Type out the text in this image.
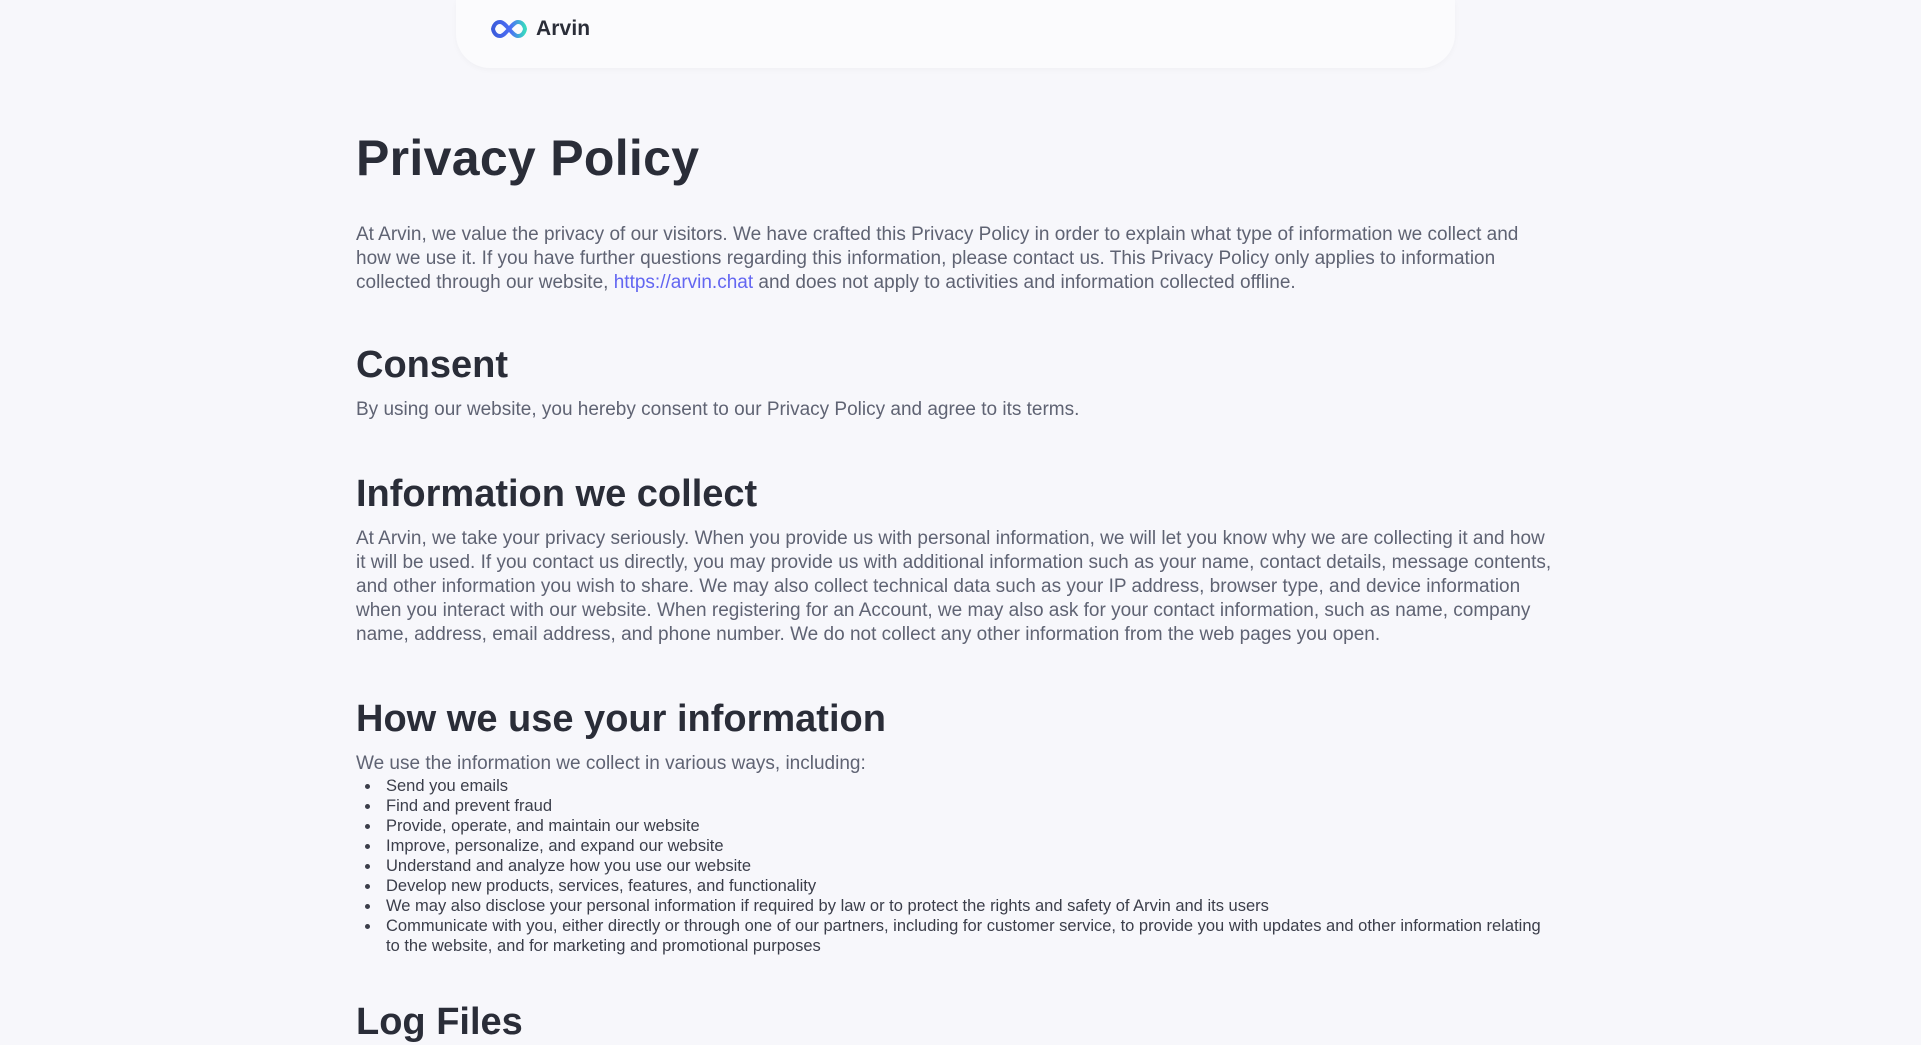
Arvin
Privacy Policy

At Arvin, we value the privacy of our visitors. We have crafted this Privacy Policy in order to explain what type of information we collect and how we use it. If you have further questions regarding this information, please contact us. This Privacy Policy only applies to information collected through our website, https://arvin.chat and does not apply to activities and information collected offline.

Consent

By using our website, you hereby consent to our Privacy Policy and agree to its terms.

Information we collect

At Arvin, we take your privacy seriously. When you provide us with personal information, we will let you know why we are collecting it and how it will be used. If you contact us directly, you may provide us with additional information such as your name, contact details, message contents, and other information you wish to share. We may also collect technical data such as your IP address, browser type, and device information when you interact with our website. When registering for an Account, we may also ask for your contact information, such as name, company name, address, email address, and phone number. We do not collect any other information from the web pages you open.

How we use your information

We use the information we collect in various ways, including:

Send you emails
Find and prevent fraud
Provide, operate, and maintain our website
Improve, personalize, and expand our website
Understand and analyze how you use our website
Develop new products, services, features, and functionality
We may also disclose your personal information if required by law or to protect the rights and safety of Arvin and its users
Communicate with you, either directly or through one of our partners, including for customer service, to provide you with updates and other information relating to the website, and for marketing and promotional purposes
Log Files
